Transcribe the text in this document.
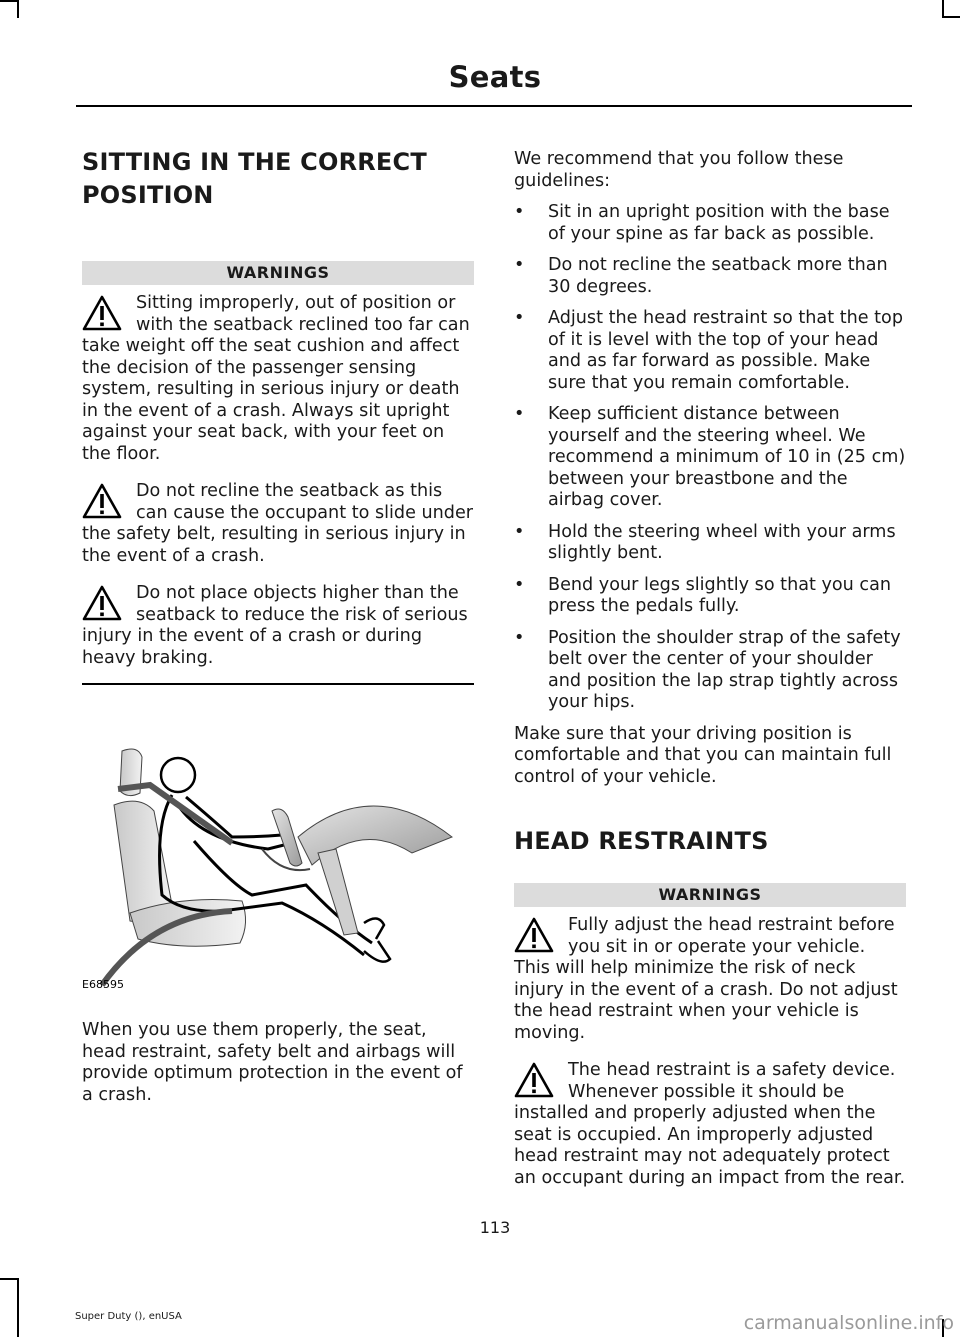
Seats
SITTING IN THE CORRECT
POSITION
WARNINGS

Sitting improperly, out of position or with the seatback reclined too far can take weight off the seat cushion and affect the decision of the passenger sensing system, resulting in serious injury or death in the event of a crash. Always sit upright against your seat back, with your feet on the floor.

Do not recline the seatback as this can cause the occupant to slide under the safety belt, resulting in serious injury in the event of a crash.

Do not place objects higher than the seatback to reduce the risk of serious injury in the event of a crash or during heavy braking.

E68595

When you use them properly, the seat, head restraint, safety belt and airbags will provide optimum protection in the event of a crash.

We recommend that you follow these guidelines:

• Sit in an upright position with the base of your spine as far back as possible.
• Do not recline the seatback more than 30 degrees.
• Adjust the head restraint so that the top of it is level with the top of your head and as far forward as possible. Make sure that you remain comfortable.
• Keep sufficient distance between yourself and the steering wheel. We recommend a minimum of 10 in (25 cm) between your breastbone and the airbag cover.
• Hold the steering wheel with your arms slightly bent.
• Bend your legs slightly so that you can press the pedals fully.
• Position the shoulder strap of the safety belt over the center of your shoulder and position the lap strap tightly across your hips.

Make sure that your driving position is comfortable and that you can maintain full control of your vehicle.

HEAD RESTRAINTS
WARNINGS

Fully adjust the head restraint before you sit in or operate your vehicle. This will help minimize the risk of neck injury in the event of a crash. Do not adjust the head restraint when your vehicle is moving.

The head restraint is a safety device. Whenever possible it should be installed and properly adjusted when the seat is occupied. An improperly adjusted head restraint may not adequately protect an occupant during an impact from the rear.

113
Super Duty (), enUSA	carmanualsonline.info
